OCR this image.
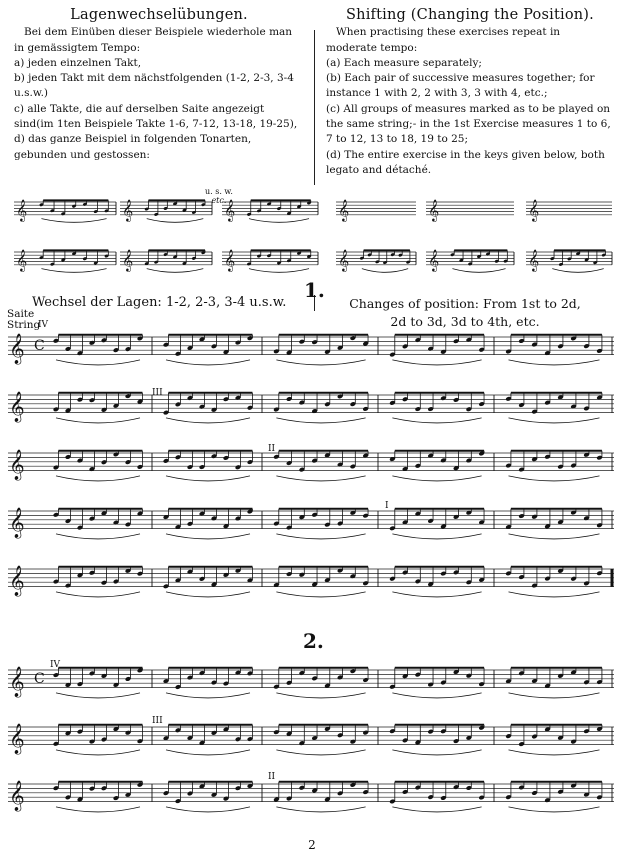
Lagenwechselübungen.

Bei dem Einüben dieser Beispiele wiederhole man in gemässigtem Tempo:

a) jeden einzelnen Takt,

b) jeden Takt mit dem nächstfolgenden (1-2, 2-3, 3-4 u.s.w.)

c) alle Takte, die auf derselben Saite angezeigt sind(im 1ten Beispiele Takte 1-6, 7-12, 13-18, 19-25),

d) das ganze Beispiel in folgenden Tonarten, gebunden und gestossen:

Shifting (Changing the Position).

When practising these exercises repeat in moderate tempo:

(a) Each measure separately;

(b) Each pair of successive measures together; for instance 1 with 2, 2 with 3, 3 with 4, etc.;

(c) All groups of measures marked as to be played on the same string;- in the 1st Exercise measures 1 to 6, 7 to 12, 13 to 18, 19 to 25;

(d) The entire exercise in the keys given below, both legato and détaché.

𝄞	𝄞	𝄞	𝄞	𝄞	𝄞
𝄞	𝄞	𝄞	𝄞	𝄞	𝄞
𝄞 C
𝄞
𝄞
𝄞
𝄞
𝄞 C
𝄞
𝄞
u. s. w.
etc.
Wechsel der Lagen: 1-2, 2-3, 3-4 u.s.w.
1.
Changes of position: From 1st to 2d, 2d to 3d, 3d to 4th, etc.
Saite
String
IV
III
II
I
2.
IV
III
II
2
